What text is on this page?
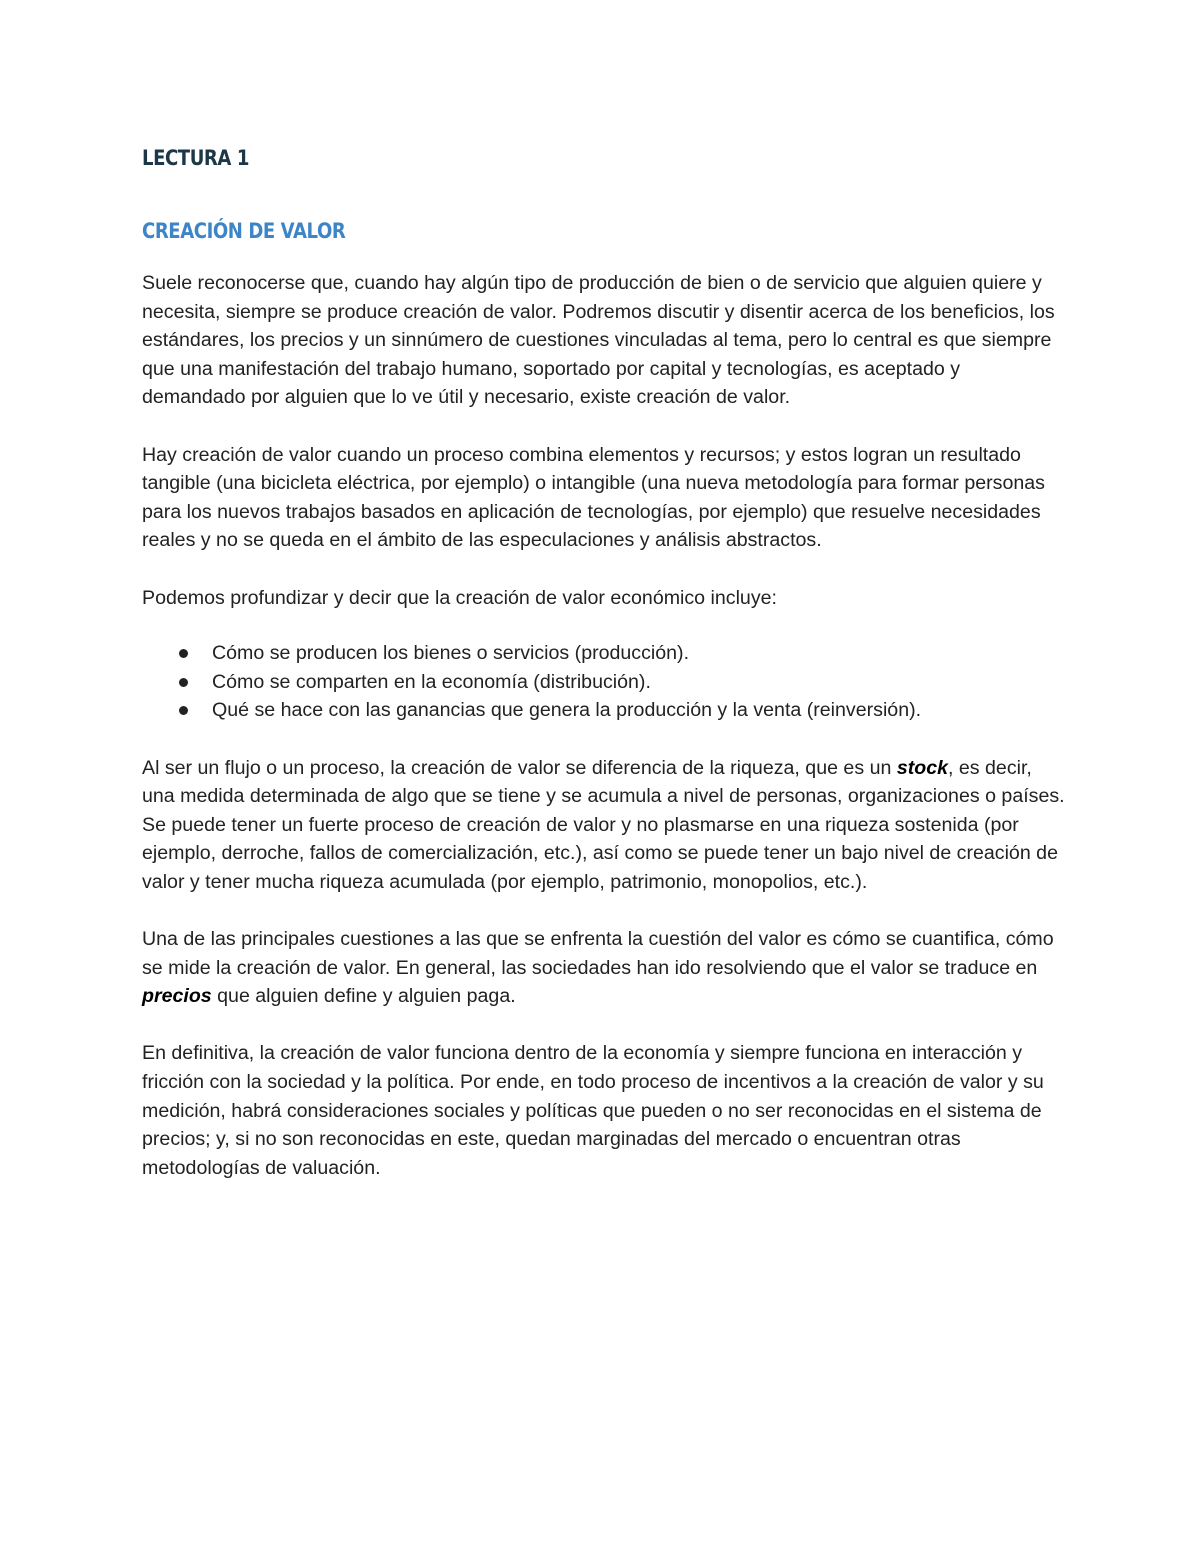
LECTURA 1
CREACIÓN DE VALOR

Suele reconocerse que, cuando hay algún tipo de producción de bien o de servicio que alguien quiere y necesita, siempre se produce creación de valor. Podremos discutir y disentir acerca de los beneficios, los estándares, los precios y un sinnúmero de cuestiones vinculadas al tema, pero lo central es que siempre que una manifestación del trabajo humano, soportado por capital y tecnologías, es aceptado y demandado por alguien que lo ve útil y necesario, existe creación de valor.

Hay creación de valor cuando un proceso combina elementos y recursos; y estos logran un resultado tangible (una bicicleta eléctrica, por ejemplo) o intangible (una nueva metodología para formar personas para los nuevos trabajos basados en aplicación de tecnologías, por ejemplo) que resuelve necesidades reales y no se queda en el ámbito de las especulaciones y análisis abstractos.

Podemos profundizar y decir que la creación de valor económico incluye:

Cómo se producen los bienes o servicios (producción).
Cómo se comparten en la economía (distribución).
Qué se hace con las ganancias que genera la producción y la venta (reinversión).

Al ser un flujo o un proceso, la creación de valor se diferencia de la riqueza, que es un stock, es decir, una medida determinada de algo que se tiene y se acumula a nivel de personas, organizaciones o países. Se puede tener un fuerte proceso de creación de valor y no plasmarse en una riqueza sostenida (por ejemplo, derroche, fallos de comercialización, etc.), así como se puede tener un bajo nivel de creación de valor y tener mucha riqueza acumulada (por ejemplo, patrimonio, monopolios, etc.).

Una de las principales cuestiones a las que se enfrenta la cuestión del valor es cómo se cuantifica, cómo se mide la creación de valor. En general, las sociedades han ido resolviendo que el valor se traduce en precios que alguien define y alguien paga.

En definitiva, la creación de valor funciona dentro de la economía y siempre funciona en interacción y fricción con la sociedad y la política. Por ende, en todo proceso de incentivos a la creación de valor y su medición, habrá consideraciones sociales y políticas que pueden o no ser reconocidas en el sistema de precios; y, si no son reconocidas en este, quedan marginadas del mercado o encuentran otras metodologías de valuación.
